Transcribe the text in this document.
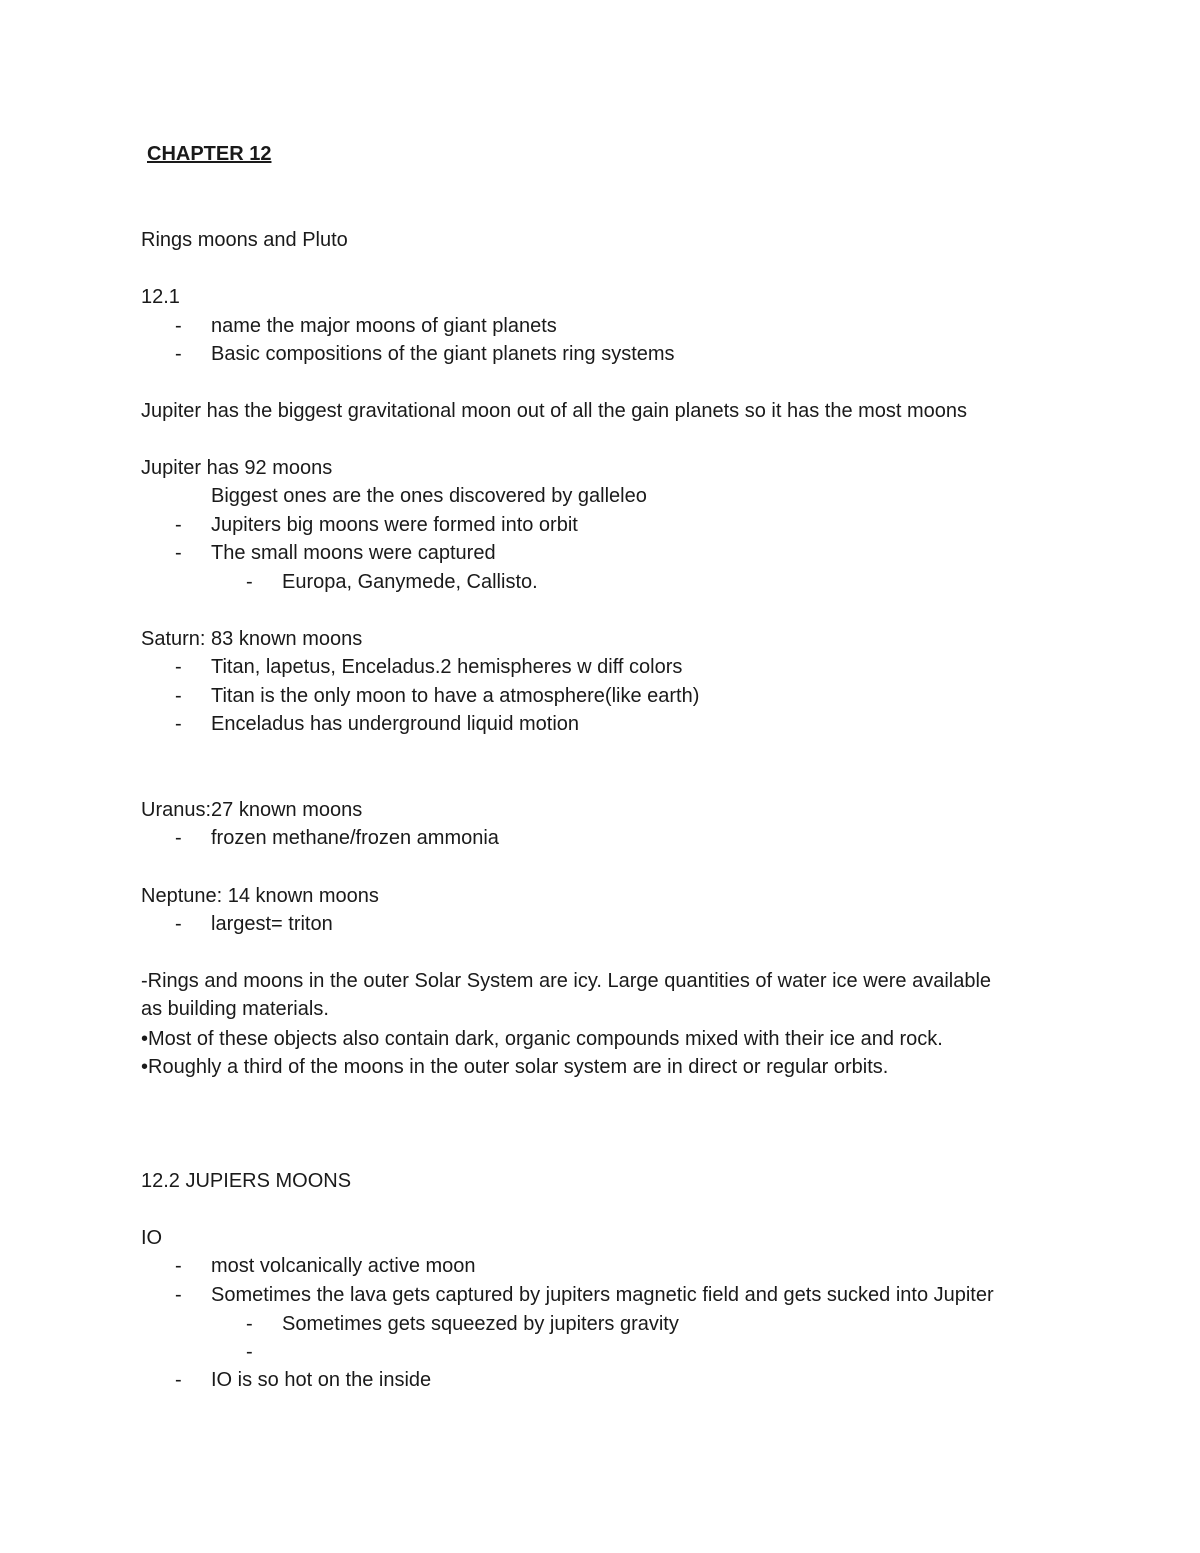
CHAPTER 12
Rings moons and Pluto
12.1
- name the major moons of giant planets
- Basic compositions of the giant planets ring systems
Jupiter has the biggest gravitational moon out of all the gain planets so it has the most moons
Jupiter has 92 moons
Biggest ones are the ones discovered by galleleo
- Jupiters big moons were formed into orbit
- The small moons were captured
- Europa, Ganymede, Callisto.
Saturn: 83 known moons
- Titan, lapetus, Enceladus.2 hemispheres w diff colors
- Titan is the only moon to have a atmosphere(like earth)
- Enceladus has underground liquid motion
Uranus:27 known moons
- frozen methane/frozen ammonia
Neptune: 14 known moons
- largest= triton
-Rings and moons in the outer Solar System are icy. Large quantities of water ice were available
as building materials.
•Most of these objects also contain dark, organic compounds mixed with their ice and rock.
•Roughly a third of the moons in the outer solar system are in direct or regular orbits.
12.2 JUPIERS MOONS
IO
- most volcanically active moon
- Sometimes the lava gets captured by jupiters magnetic field and gets sucked into Jupiter
- Sometimes gets squeezed by jupiters gravity
-
- IO is so hot on the inside
